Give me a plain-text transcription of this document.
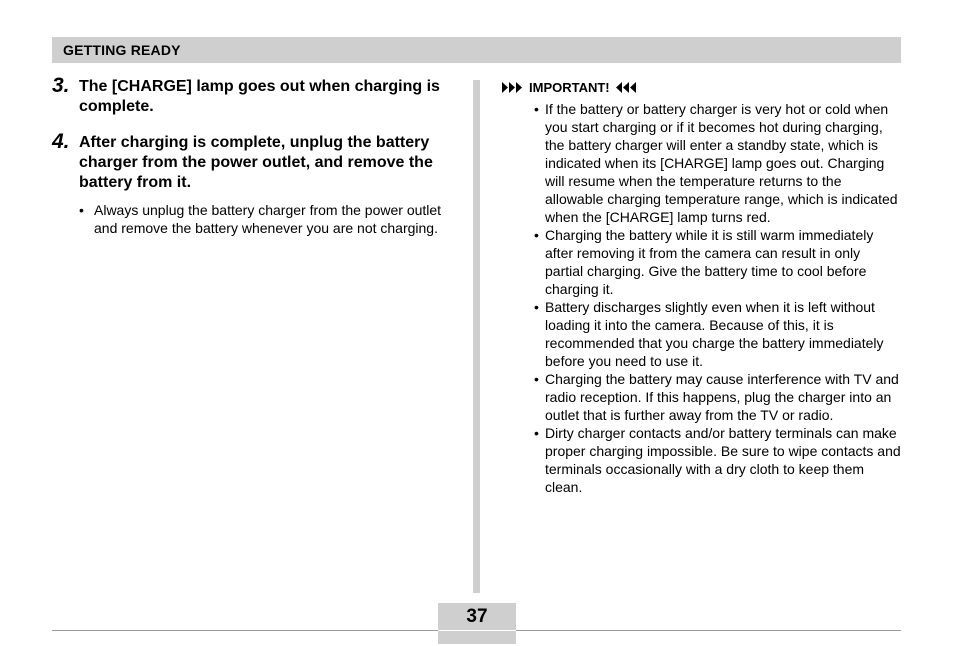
GETTING READY
3. The [CHARGE] lamp goes out when charging is complete.
4. After charging is complete, unplug the battery charger from the power outlet, and remove the battery from it.
• Always unplug the battery charger from the power outlet and remove the battery whenever you are not charging.
IMPORTANT!
• If the battery or battery charger is very hot or cold when you start charging or if it becomes hot during charging, the battery charger will enter a standby state, which is indicated when its [CHARGE] lamp goes out. Charging will resume when the temperature returns to the allowable charging temperature range, which is indicated when the [CHARGE] lamp turns red.
• Charging the battery while it is still warm immediately after removing it from the camera can result in only partial charging. Give the battery time to cool before charging it.
• Battery discharges slightly even when it is left without loading it into the camera. Because of this, it is recommended that you charge the battery immediately before you need to use it.
• Charging the battery may cause interference with TV and radio reception. If this happens, plug the charger into an outlet that is further away from the TV or radio.
• Dirty charger contacts and/or battery terminals can make proper charging impossible. Be sure to wipe contacts and terminals occasionally with a dry cloth to keep them clean.
37
